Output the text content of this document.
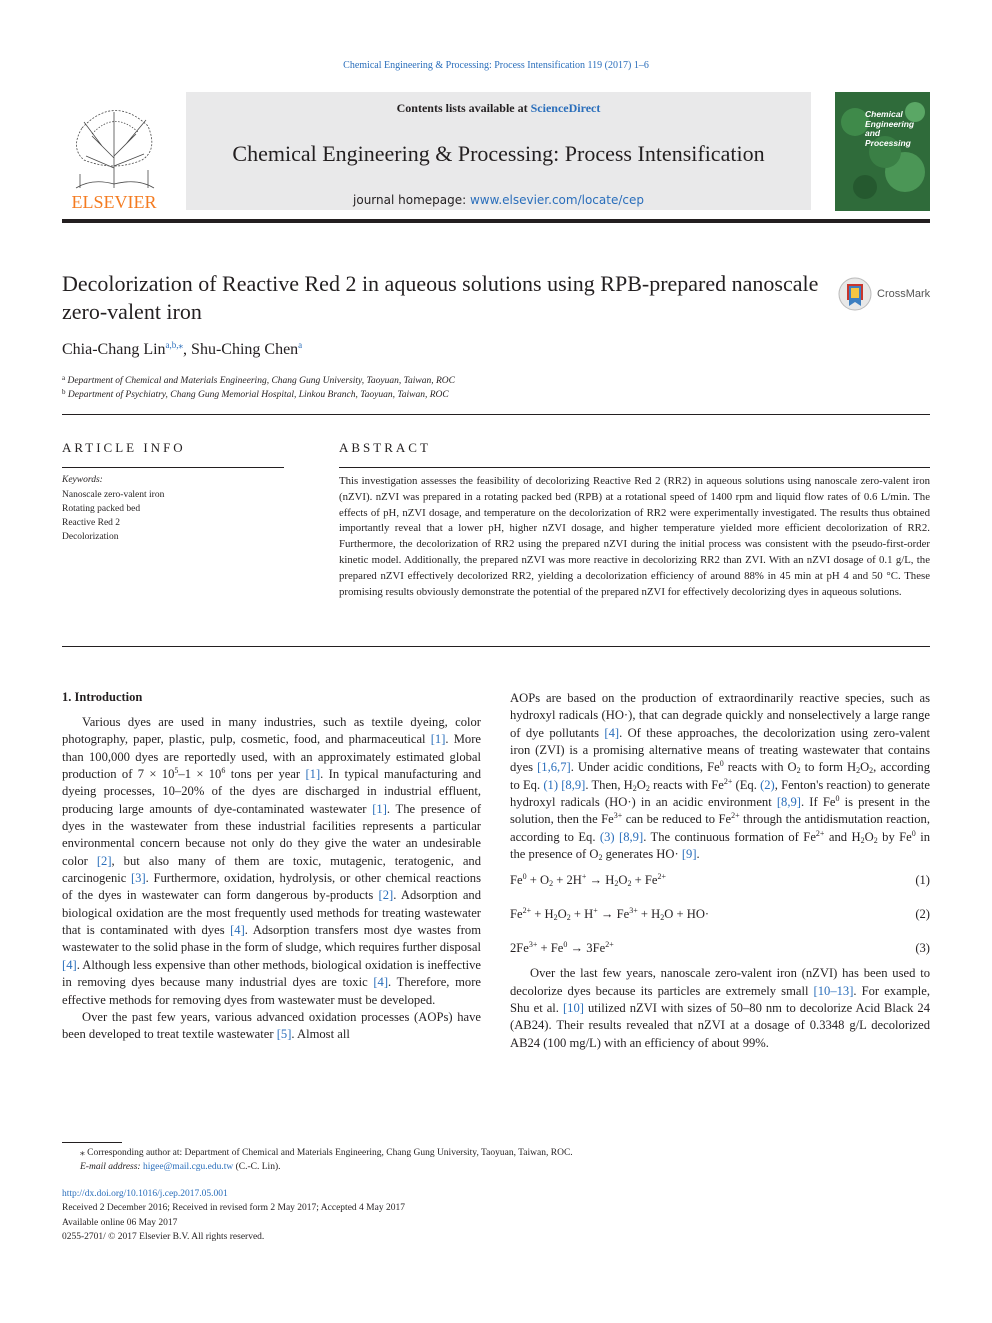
Chemical Engineering & Processing: Process Intensification 119 (2017) 1–6
ELSEVIER
Contents lists available at ScienceDirect
Chemical Engineering & Processing: Process Intensification
journal homepage: www.elsevier.com/locate/cep
Chemical Engineering and Processing
Decolorization of Reactive Red 2 in aqueous solutions using RPB-prepared nanoscale zero-valent iron
CrossMark
Chia-Chang Lin$^{a,b,⁎}$, Shu-Ching Chen$^a$
$^a$ Department of Chemical and Materials Engineering, Chang Gung University, Taoyuan, Taiwan, ROC
$^b$ Department of Psychiatry, Chang Gung Memorial Hospital, Linkou Branch, Taoyuan, Taiwan, ROC
ARTICLE INFO
Keywords:
Nanoscale zero-valent iron
Rotating packed bed
Reactive Red 2
Decolorization
ABSTRACT
This investigation assesses the feasibility of decolorizing Reactive Red 2 (RR2) in aqueous solutions using nanoscale zero-valent iron (nZVI). nZVI was prepared in a rotating packed bed (RPB) at a rotational speed of 1400 rpm and liquid flow rates of 0.6 L/min. The effects of pH, nZVI dosage, and temperature on the decolorization of RR2 were experimentally investigated. The results thus obtained importantly reveal that a lower pH, higher nZVI dosage, and higher temperature yielded more efficient decolorization of RR2. Furthermore, the decolorization of RR2 using the prepared nZVI during the initial process was consistent with the pseudo-first-order kinetic model. Additionally, the prepared nZVI was more reactive in decolorizing RR2 than ZVI. With an nZVI dosage of 0.1 g/L, the prepared nZVI effectively decolorized RR2, yielding a decolorization efficiency of around 88% in 45 min at pH 4 and 50 °C. These promising results obviously demonstrate the potential of the prepared nZVI for effectively decolorizing dyes in aqueous solutions.
1. Introduction

Various dyes are used in many industries, such as textile dyeing, color photography, paper, plastic, pulp, cosmetic, food, and pharmaceutical [1]. More than 100,000 dyes are reportedly used, with an approximately estimated global production of $7 \times 10^5-1 \times 10^6$ tons per year [1]. In typical manufacturing and dyeing processes, 10–20% of the dyes are discharged in industrial effluent, producing large amounts of dye-contaminated wastewater [1]. The presence of dyes in the wastewater from these industrial facilities represents a particular environmental concern because not only do they give the water an undesirable color [2], but also many of them are toxic, mutagenic, teratogenic, and carcinogenic [3]. Furthermore, oxidation, hydrolysis, or other chemical reactions of the dyes in wastewater can form dangerous by-products [2]. Adsorption and biological oxidation are the most frequently used methods for treating wastewater that is contaminated with dyes [4]. Adsorption transfers most dye wastes from wastewater to the solid phase in the form of sludge, which requires further disposal [4]. Although less expensive than other methods, biological oxidation is ineffective in removing dyes because many industrial dyes are toxic [4]. Therefore, more effective methods for removing dyes from wastewater must be developed.

Over the past few years, various advanced oxidation processes (AOPs) have been developed to treat textile wastewater [5]. Almost all

AOPs are based on the production of extraordinarily reactive species, such as hydroxyl radicals (HO·), that can degrade quickly and nonselectively a large range of dye pollutants [4]. Of these approaches, the decolorization using zero-valent iron (ZVI) is a promising alternative means of treating wastewater that contains dyes [1,6,7]. Under acidic conditions, Fe$^0$ reacts with $O_2$ to form $H_2O_2$, according to Eq. (1) [8,9]. Then, $H_2O_2$ reacts with $Fe^{2+}$ (Eq. (2), Fenton's reaction) to generate hydroxyl radicals (HO·) in an acidic environment [8,9]. If Fe$^0$ is present in the solution, then the $Fe^{3+}$ can be reduced to $Fe^{2+}$ through the antidismutation reaction, according to Eq. (3) [8,9]. The continuous formation of $Fe^{2+}$ and $H_2O_2$ by Fe$^0$ in the presence of $O_2$ generates HO· [9].

$Fe^0 + O_2 + 2H^+ \to H_2O_2 + Fe^{2+}$	(1)
$Fe^{2+} + H_2O_2 + H^+ \to Fe^{3+} + H_2O + HO\cdot$	(2)
$2Fe^{3+} + Fe^0 \to 3Fe^{2+}$	(3)

Over the last few years, nanoscale zero-valent iron (nZVI) has been used to decolorize dyes because its particles are extremely small [10–13]. For example, Shu et al. [10] utilized nZVI with sizes of 50–80 nm to decolorize Acid Black 24 (AB24). Their results revealed that nZVI at a dosage of 0.3348 g/L decolorized AB24 (100 mg/L) with an efficiency of about 99%.

⁎ Corresponding author at: Department of Chemical and Materials Engineering, Chang Gung University, Taoyuan, Taiwan, ROC.
E-mail address: higee@mail.cgu.edu.tw (C.-C. Lin).
http://dx.doi.org/10.1016/j.cep.2017.05.001
Received 2 December 2016; Received in revised form 2 May 2017; Accepted 4 May 2017
Available online 06 May 2017
0255-2701/ © 2017 Elsevier B.V. All rights reserved.
